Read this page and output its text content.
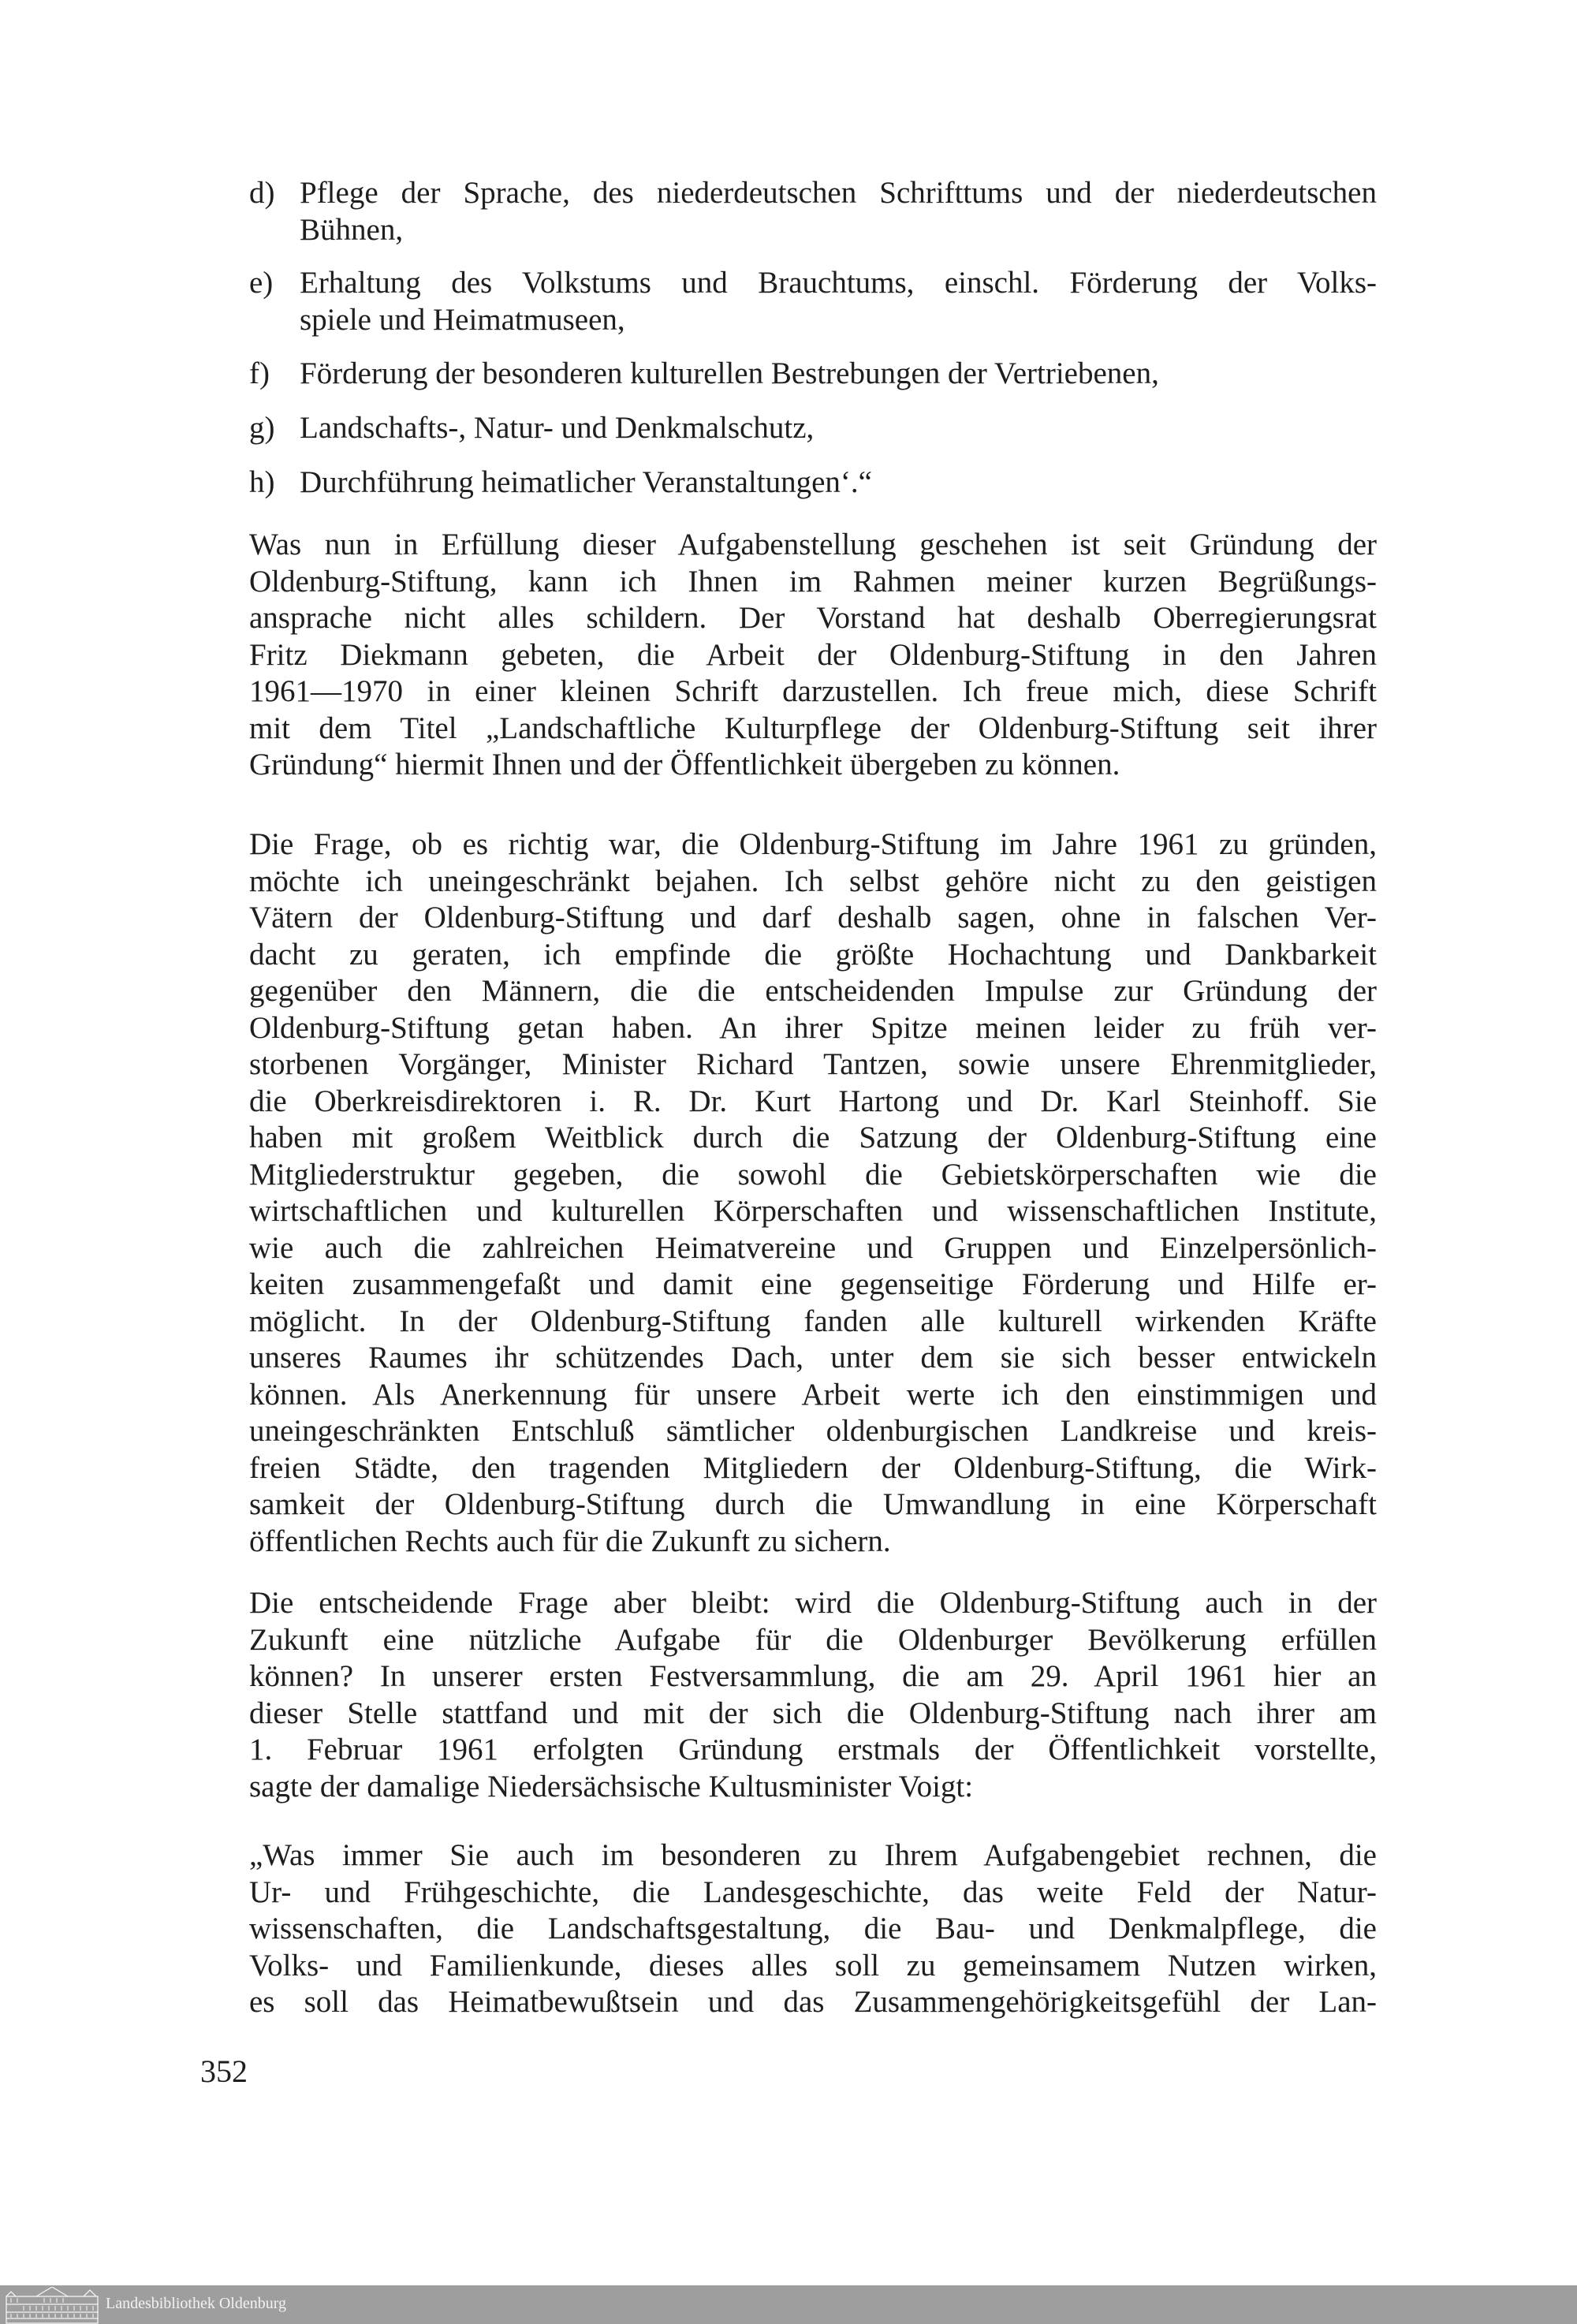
d) Pflege der Sprache, des niederdeutschen Schrifttums und der niederdeutschen
Bühnen,
e) Erhaltung des Volkstums und Brauchtums, einschl. Förderung der Volks-
spiele und Heimatmuseen,
f) Förderung der besonderen kulturellen Bestrebungen der Vertriebenen,
g) Landschafts-, Natur- und Denkmalschutz,
h) Durchführung heimatlicher Veranstaltungen‘.“
Was nun in Erfüllung dieser Aufgabenstellung geschehen ist seit Gründung der
Oldenburg-Stiftung, kann ich Ihnen im Rahmen meiner kurzen Begrüßungs-
ansprache nicht alles schildern. Der Vorstand hat deshalb Oberregierungsrat
Fritz Diekmann gebeten, die Arbeit der Oldenburg-Stiftung in den Jahren
1961—1970 in einer kleinen Schrift darzustellen. Ich freue mich, diese Schrift
mit dem Titel „Landschaftliche Kulturpflege der Oldenburg-Stiftung seit ihrer
Gründung“ hiermit Ihnen und der Öffentlichkeit übergeben zu können.
Die Frage, ob es richtig war, die Oldenburg-Stiftung im Jahre 1961 zu gründen,
möchte ich uneingeschränkt bejahen. Ich selbst gehöre nicht zu den geistigen
Vätern der Oldenburg-Stiftung und darf deshalb sagen, ohne in falschen Ver-
dacht zu geraten, ich empfinde die größte Hochachtung und Dankbarkeit
gegenüber den Männern, die die entscheidenden Impulse zur Gründung der
Oldenburg-Stiftung getan haben. An ihrer Spitze meinen leider zu früh ver-
storbenen Vorgänger, Minister Richard Tantzen, sowie unsere Ehrenmitglieder,
die Oberkreisdirektoren i. R. Dr. Kurt Hartong und Dr. Karl Steinhoff. Sie
haben mit großem Weitblick durch die Satzung der Oldenburg-Stiftung eine
Mitgliederstruktur gegeben, die sowohl die Gebietskörperschaften wie die
wirtschaftlichen und kulturellen Körperschaften und wissenschaftlichen Institute,
wie auch die zahlreichen Heimatvereine und Gruppen und Einzelpersönlich-
keiten zusammengefaßt und damit eine gegenseitige Förderung und Hilfe er-
möglicht. In der Oldenburg-Stiftung fanden alle kulturell wirkenden Kräfte
unseres Raumes ihr schützendes Dach, unter dem sie sich besser entwickeln
können. Als Anerkennung für unsere Arbeit werte ich den einstimmigen und
uneingeschränkten Entschluß sämtlicher oldenburgischen Landkreise und kreis-
freien Städte, den tragenden Mitgliedern der Oldenburg-Stiftung, die Wirk-
samkeit der Oldenburg-Stiftung durch die Umwandlung in eine Körperschaft
öffentlichen Rechts auch für die Zukunft zu sichern.
Die entscheidende Frage aber bleibt: wird die Oldenburg-Stiftung auch in der
Zukunft eine nützliche Aufgabe für die Oldenburger Bevölkerung erfüllen
können? In unserer ersten Festversammlung, die am 29. April 1961 hier an
dieser Stelle stattfand und mit der sich die Oldenburg-Stiftung nach ihrer am
1. Februar 1961 erfolgten Gründung erstmals der Öffentlichkeit vorstellte,
sagte der damalige Niedersächsische Kultusminister Voigt:
„Was immer Sie auch im besonderen zu Ihrem Aufgabengebiet rechnen, die
Ur- und Frühgeschichte, die Landesgeschichte, das weite Feld der Natur-
wissenschaften, die Landschaftsgestaltung, die Bau- und Denkmalpflege, die
Volks- und Familienkunde, dieses alles soll zu gemeinsamem Nutzen wirken,
es soll das Heimatbewußtsein und das Zusammengehörigkeitsgefühl der Lan-
352
Landesbibliothek Oldenburg
